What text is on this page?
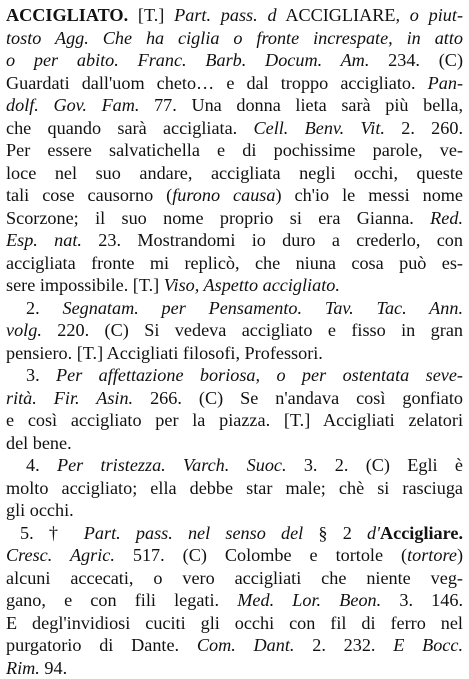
ACCIGLIATO. [T.] Part. pass. d ACCIGLIARE, o piut-
tosto Agg. Che ha ciglia o fronte increspate, in atto
o per abito. Franc. Barb. Docum. Am. 234. (C)
Guardati dall'uom cheto… e dal troppo accigliato. Pan-
dolf. Gov. Fam. 77. Una donna lieta sarà più bella,
che quando sarà accigliata. Cell. Benv. Vit. 2. 260.
Per essere salvatichella e di pochissime parole, ve-
loce nel suo andare, accigliata negli occhi, queste
tali cose causorno (furono causa) ch'io le messi nome
Scorzone; il suo nome proprio si era Gianna. Red.
Esp. nat. 23. Mostrandomi io duro a crederlo, con
accigliata fronte mi replicò, che niuna cosa può es-
sere impossibile. [T.] Viso, Aspetto accigliato.
2. Segnatam. per Pensamento. Tav. Tac. Ann.
volg. 220. (C) Si vedeva accigliato e fisso in gran
pensiero. [T.] Accigliati filosofi, Professori.
3. Per affettazione boriosa, o per ostentata seve-
rità. Fir. Asin. 266. (C) Se n'andava così gonfiato
e così accigliato per la piazza. [T.] Accigliati zelatori
del bene.
4. Per tristezza. Varch. Suoc. 3. 2. (C) Egli è
molto accigliato; ella debbe star male; chè si rasciuga
gli occhi.
5. † Part. pass. nel senso del § 2 d'Accigliare.
Cresc. Agric. 517. (C) Colombe e tortole (tortore)
alcuni accecati, o vero accigliati che niente veg-
gano, e con fili legati. Med. Lor. Beon. 3. 146.
E degl'invidiosi cuciti gli occhi con fil di ferro nel
purgatorio di Dante. Com. Dant. 2. 232. E Bocc.
Rim. 94.
